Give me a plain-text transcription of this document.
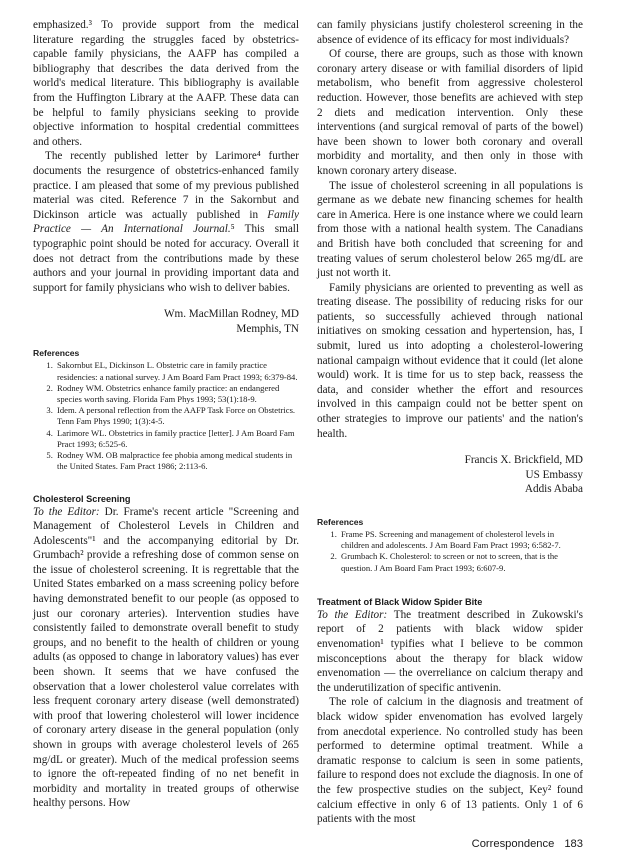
emphasized.³ To provide support from the medical literature regarding the struggles faced by obstetrics-capable family physicians, the AAFP has compiled a bibliography that describes the data derived from the world's medical literature. This bibliography is available from the Huffington Library at the AAFP. These data can be helpful to family physicians seeking to provide objective information to hospital credential committees and others.

The recently published letter by Larimore⁴ further documents the resurgence of obstetrics-enhanced family practice. I am pleased that some of my previous published material was cited. Reference 7 in the Sakornbut and Dickinson article was actually published in Family Practice — An International Journal.⁵ This small typographic point should be noted for accuracy. Overall it does not detract from the contributions made by these authors and your journal in providing important data and support for family physicians who wish to deliver babies.

Wm. MacMillan Rodney, MD
Memphis, TN
References
1. Sakornbut EL, Dickinson L. Obstetric care in family practice residencies: a national survey. J Am Board Fam Pract 1993; 6:379-84.
2. Rodney WM. Obstetrics enhance family practice: an endangered species worth saving. Florida Fam Phys 1993; 53(1):18-9.
3. Idem. A personal reflection from the AAFP Task Force on Obstetrics. Tenn Fam Phys 1990; 1(3):4-5.
4. Larimore WL. Obstetrics in family practice [letter]. J Am Board Fam Pract 1993; 6:525-6.
5. Rodney WM. OB malpractice fee phobia among medical students in the United States. Fam Pract 1986; 2:113-6.
Cholesterol Screening

To the Editor: Dr. Frame's recent article "Screening and Management of Cholesterol Levels in Children and Adolescents"¹ and the accompanying editorial by Dr. Grumbach² provide a refreshing dose of common sense on the issue of cholesterol screening. It is regrettable that the United States embarked on a mass screening policy before having demonstrated benefit to our people (as opposed to just our coronary arteries). Intervention studies have consistently failed to demonstrate overall benefit to study groups, and no benefit to the health of children or young adults (as opposed to change in laboratory values) has ever been shown. It seems that we have confused the observation that a lower cholesterol value correlates with less frequent coronary artery disease (well demonstrated) with proof that lowering cholesterol will lower incidence of coronary artery disease in the general population (only shown in groups with average cholesterol levels of 265 mg/dL or greater). Much of the medical profession seems to ignore the oft-repeated finding of no net benefit in morbidity and mortality in treated groups of otherwise healthy persons. How

can family physicians justify cholesterol screening in the absence of evidence of its efficacy for most individuals?

Of course, there are groups, such as those with known coronary artery disease or with familial disorders of lipid metabolism, who benefit from aggressive cholesterol reduction. However, those benefits are achieved with step 2 diets and medication intervention. Only these interventions (and surgical removal of parts of the bowel) have been shown to lower both coronary and overall morbidity and mortality, and then only in those with known coronary artery disease.

The issue of cholesterol screening in all populations is germane as we debate new financing schemes for health care in America. Here is one instance where we could learn from those with a national health system. The Canadians and British have both concluded that screening for and treating values of serum cholesterol below 265 mg/dL are just not worth it.

Family physicians are oriented to preventing as well as treating disease. The possibility of reducing risks for our patients, so successfully achieved through national initiatives on smoking cessation and hypertension, has, I submit, lured us into adopting a cholesterol-lowering national campaign without evidence that it could (let alone would) work. It is time for us to step back, reassess the data, and consider whether the effort and resources involved in this campaign could not be better spent on other strategies to improve our patients' and the nation's health.

Francis X. Brickfield, MD
US Embassy
Addis Ababa
References
1. Frame PS. Screening and management of cholesterol levels in children and adolescents. J Am Board Fam Pract 1993; 6:582-7.
2. Grumbach K. Cholesterol: to screen or not to screen, that is the question. J Am Board Fam Pract 1993; 6:607-9.
Treatment of Black Widow Spider Bite

To the Editor: The treatment described in Zukowski's report of 2 patients with black widow spider envenomation¹ typifies what I believe to be common misconceptions about the therapy for black widow envenomation — the overreliance on calcium therapy and the underutilization of specific antivenin.

The role of calcium in the diagnosis and treatment of black widow spider envenomation has evolved largely from anecdotal experience. No controlled study has been performed to determine optimal treatment. While a dramatic response to calcium is seen in some patients, failure to respond does not exclude the diagnosis. In one of the few prospective studies on the subject, Key² found calcium effective in only 6 of 13 patients. Only 1 of 6 patients with the most

Correspondence 183
